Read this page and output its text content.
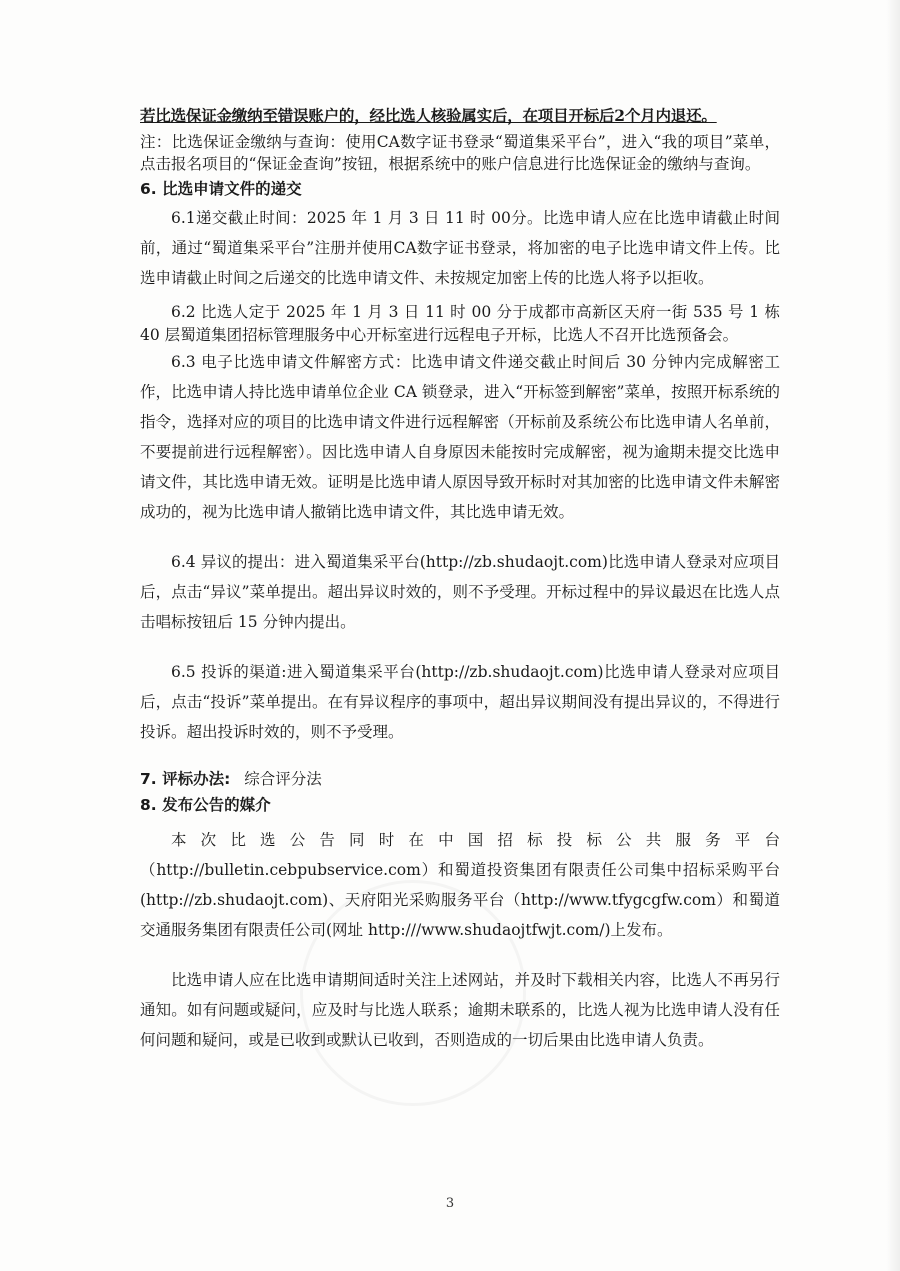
若比选保证金缴纳至错误账户的，经比选人核验属实后，在项目开标后2个月内退还。

注：比选保证金缴纳与查询：使用CA数字证书登录“蜀道集采平台”，进入“我的项目”菜单，点击报名项目的“保证金查询”按钮，根据系统中的账户信息进行比选保证金的缴纳与查询。

6. 比选申请文件的递交

6.1递交截止时间：2025 年 1 月 3 日 11 时 00分。比选申请人应在比选申请截止时间前，通过“蜀道集采平台”注册并使用CA数字证书登录，将加密的电子比选申请文件上传。比选申请截止时间之后递交的比选申请文件、未按规定加密上传的比选人将予以拒收。

6.2 比选人定于 2025 年 1 月 3 日 11 时 00 分于成都市高新区天府一街 535 号 1 栋 40 层蜀道集团招标管理服务中心开标室进行远程电子开标，比选人不召开比选预备会。

6.3 电子比选申请文件解密方式：比选申请文件递交截止时间后 30 分钟内完成解密工作，比选申请人持比选申请单位企业 CA 锁登录，进入“开标签到解密”菜单，按照开标系统的指令，选择对应的项目的比选申请文件进行远程解密（开标前及系统公布比选申请人名单前，不要提前进行远程解密）。因比选申请人自身原因未能按时完成解密，视为逾期未提交比选申请文件，其比选申请无效。证明是比选申请人原因导致开标时对其加密的比选申请文件未解密成功的，视为比选申请人撤销比选申请文件，其比选申请无效。

6.4 异议的提出：进入蜀道集采平台(http://zb.shudaojt.com)比选申请人登录对应项目后，点击“异议”菜单提出。超出异议时效的，则不予受理。开标过程中的异议最迟在比选人点击唱标按钮后 15 分钟内提出。

6.5 投诉的渠道:进入蜀道集采平台(http://zb.shudaojt.com)比选申请人登录对应项目后，点击“投诉”菜单提出。在有异议程序的事项中，超出异议期间没有提出异议的，不得进行投诉。超出投诉时效的，则不予受理。

7. 评标办法: 综合评分法
8. 发布公告的媒介

本次比选公告同时在中国招标投标公共服务平台（http://bulletin.cebpubservice.com）和蜀道投资集团有限责任公司集中招标采购平台(http://zb.shudaojt.com)、天府阳光采购服务平台（http://www.tfygcgfw.com）和蜀道交通服务集团有限责任公司(网址 http:///www.shudaojtfwjt.com/)上发布。

比选申请人应在比选申请期间适时关注上述网站，并及时下载相关内容，比选人不再另行通知。如有问题或疑问，应及时与比选人联系；逾期未联系的，比选人视为比选申请人没有任何问题和疑问，或是已收到或默认已收到，否则造成的一切后果由比选申请人负责。

3
